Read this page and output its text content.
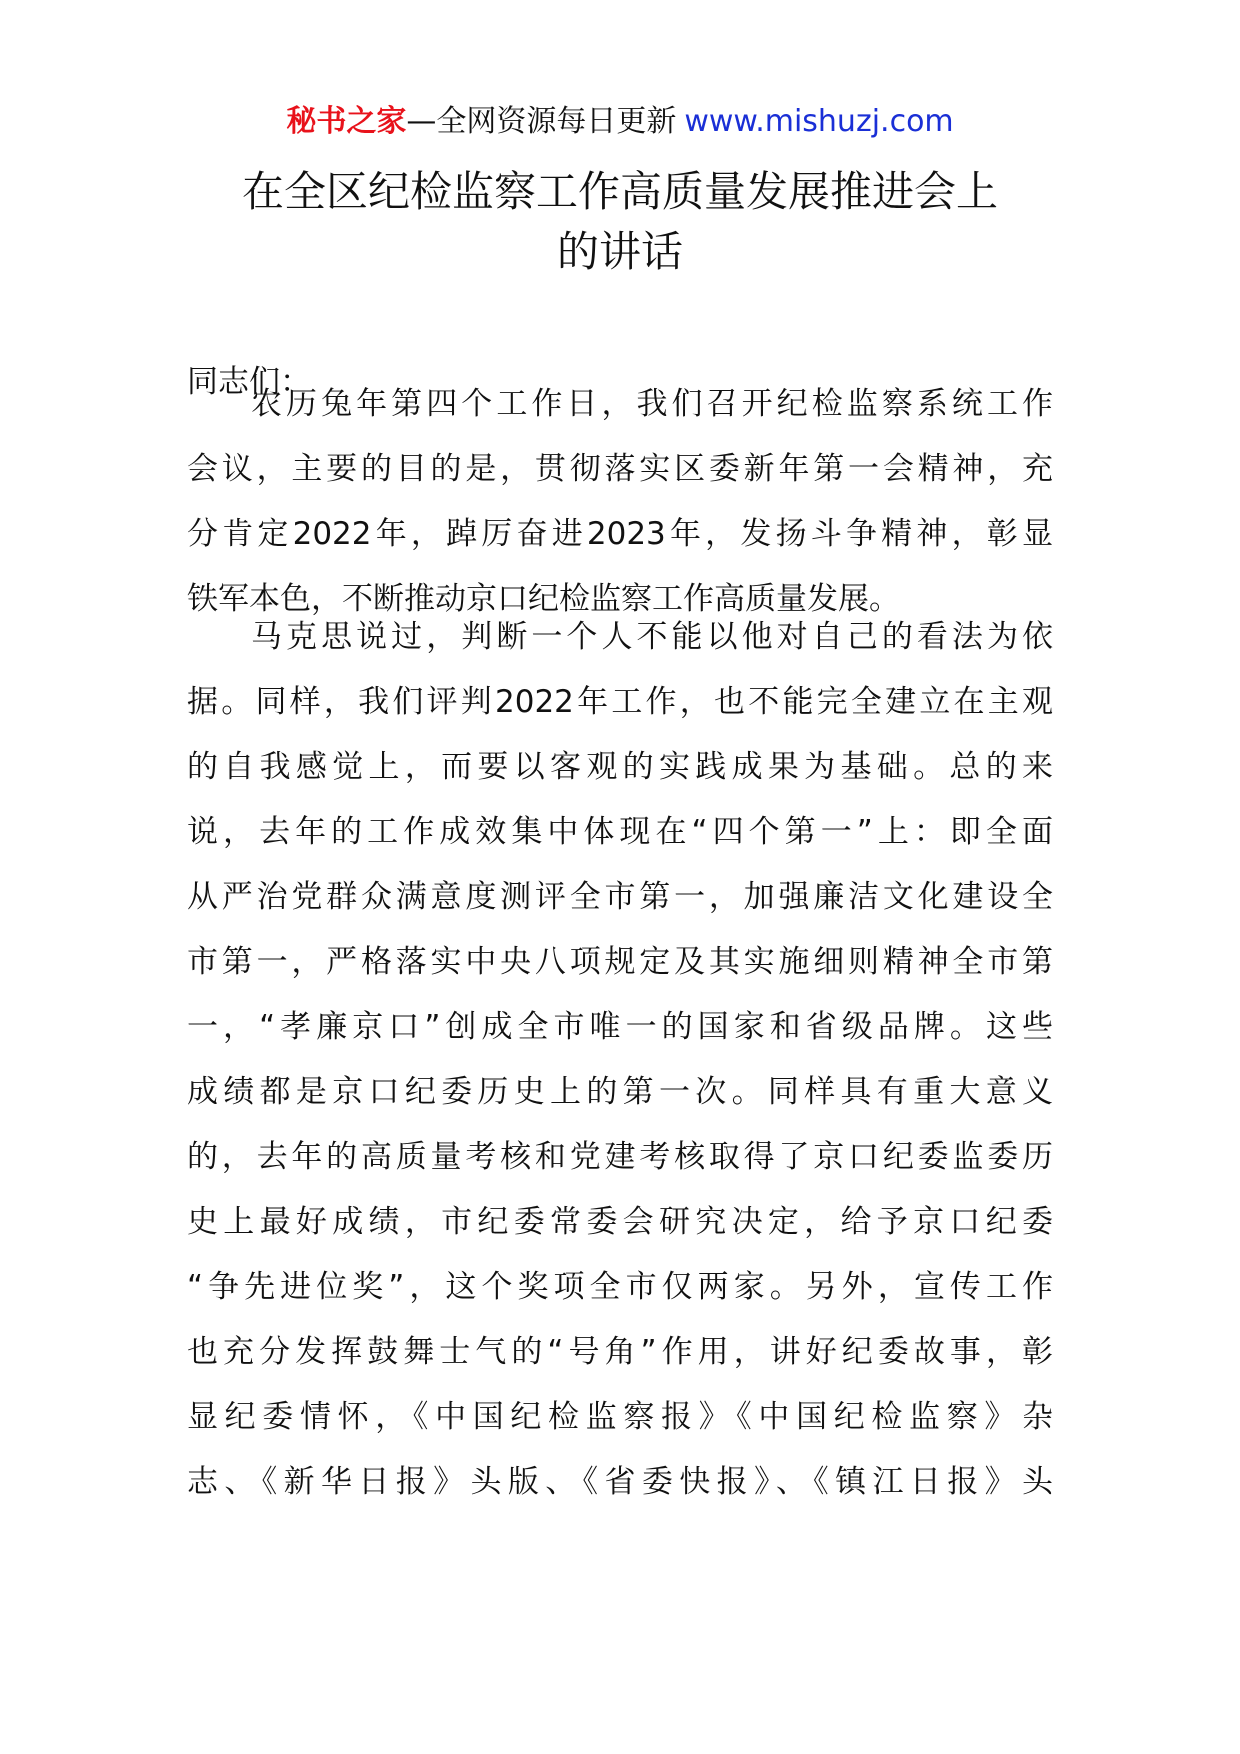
秘书之家—全网资源每日更新 www.mishuzj.com
在全区纪检监察工作高质量发展推进会上
的讲话

同志们：

农历兔年第四个工作日，我们召开纪检监察系统工作
会议，主要的目的是，贯彻落实区委新年第一会精神，充
分肯定2022年，踔厉奋进2023年，发扬斗争精神，彰显
铁军本色，不断推动京口纪检监察工作高质量发展。
马克思说过，判断一个人不能以他对自己的看法为依
据。同样，我们评判2022年工作，也不能完全建立在主观
的自我感觉上，而要以客观的实践成果为基础。总的来
说，去年的工作成效集中体现在“四个第一”上：即全面
从严治党群众满意度测评全市第一，加强廉洁文化建设全
市第一，严格落实中央八项规定及其实施细则精神全市第
一，“孝廉京口”创成全市唯一的国家和省级品牌。这些
成绩都是京口纪委历史上的第一次。同样具有重大意义
的，去年的高质量考核和党建考核取得了京口纪委监委历
史上最好成绩，市纪委常委会研究决定，给予京口纪委
“争先进位奖”，这个奖项全市仅两家。另外，宣传工作
也充分发挥鼓舞士气的“号角”作用，讲好纪委故事，彰
显纪委情怀，《中国纪检监察报》《中国纪检监察》杂
志、《新华日报》头版、《省委快报》、《镇江日报》头
